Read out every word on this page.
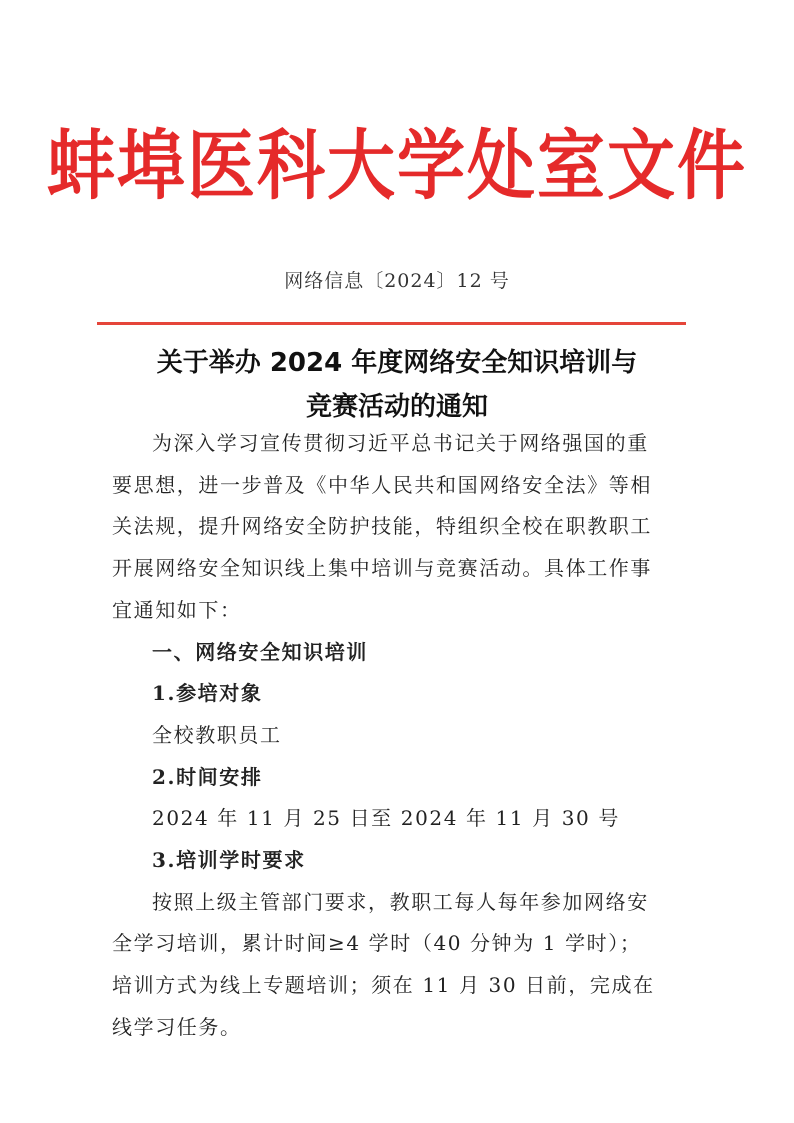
蚌埠医科大学处室文件
网络信息〔2024〕12 号
关于举办 2024 年度网络安全知识培训与
竞赛活动的通知

为深入学习宣传贯彻习近平总书记关于网络强国的重要思想，进一步普及《中华人民共和国网络安全法》等相关法规，提升网络安全防护技能，特组织全校在职教职工开展网络安全知识线上集中培训与竞赛活动。具体工作事宜通知如下：

一、网络安全知识培训

1.参培对象

全校教职员工

2.时间安排

2024 年 11 月 25 日至 2024 年 11 月 30 号

3.培训学时要求

按照上级主管部门要求，教职工每人每年参加网络安全学习培训，累计时间≥4 学时（40 分钟为 1 学时）；培训方式为线上专题培训；须在 11 月 30 日前，完成在线学习任务。
